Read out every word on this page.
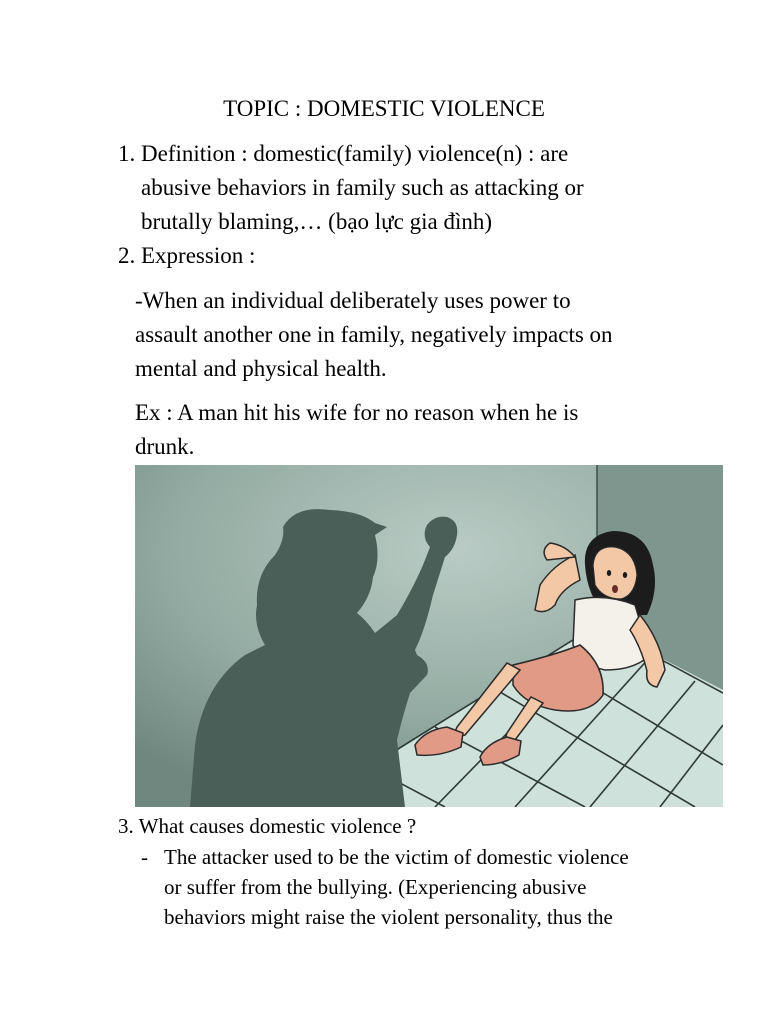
TOPIC : DOMESTIC VIOLENCE
1. Definition : domestic(family) violence(n) : are
abusive behaviors in family such as attacking or
brutally blaming,… (bạo lực gia đình)
2. Expression :
-When an individual deliberately uses power to
assault another one in family, negatively impacts on
mental and physical health.
Ex : A man hit his wife for no reason when he is
drunk.
3. What causes domestic violence ?
- The attacker used to be the victim of domestic violence
or suffer from the bullying. (Experiencing abusive
behaviors might raise the violent personality, thus the
